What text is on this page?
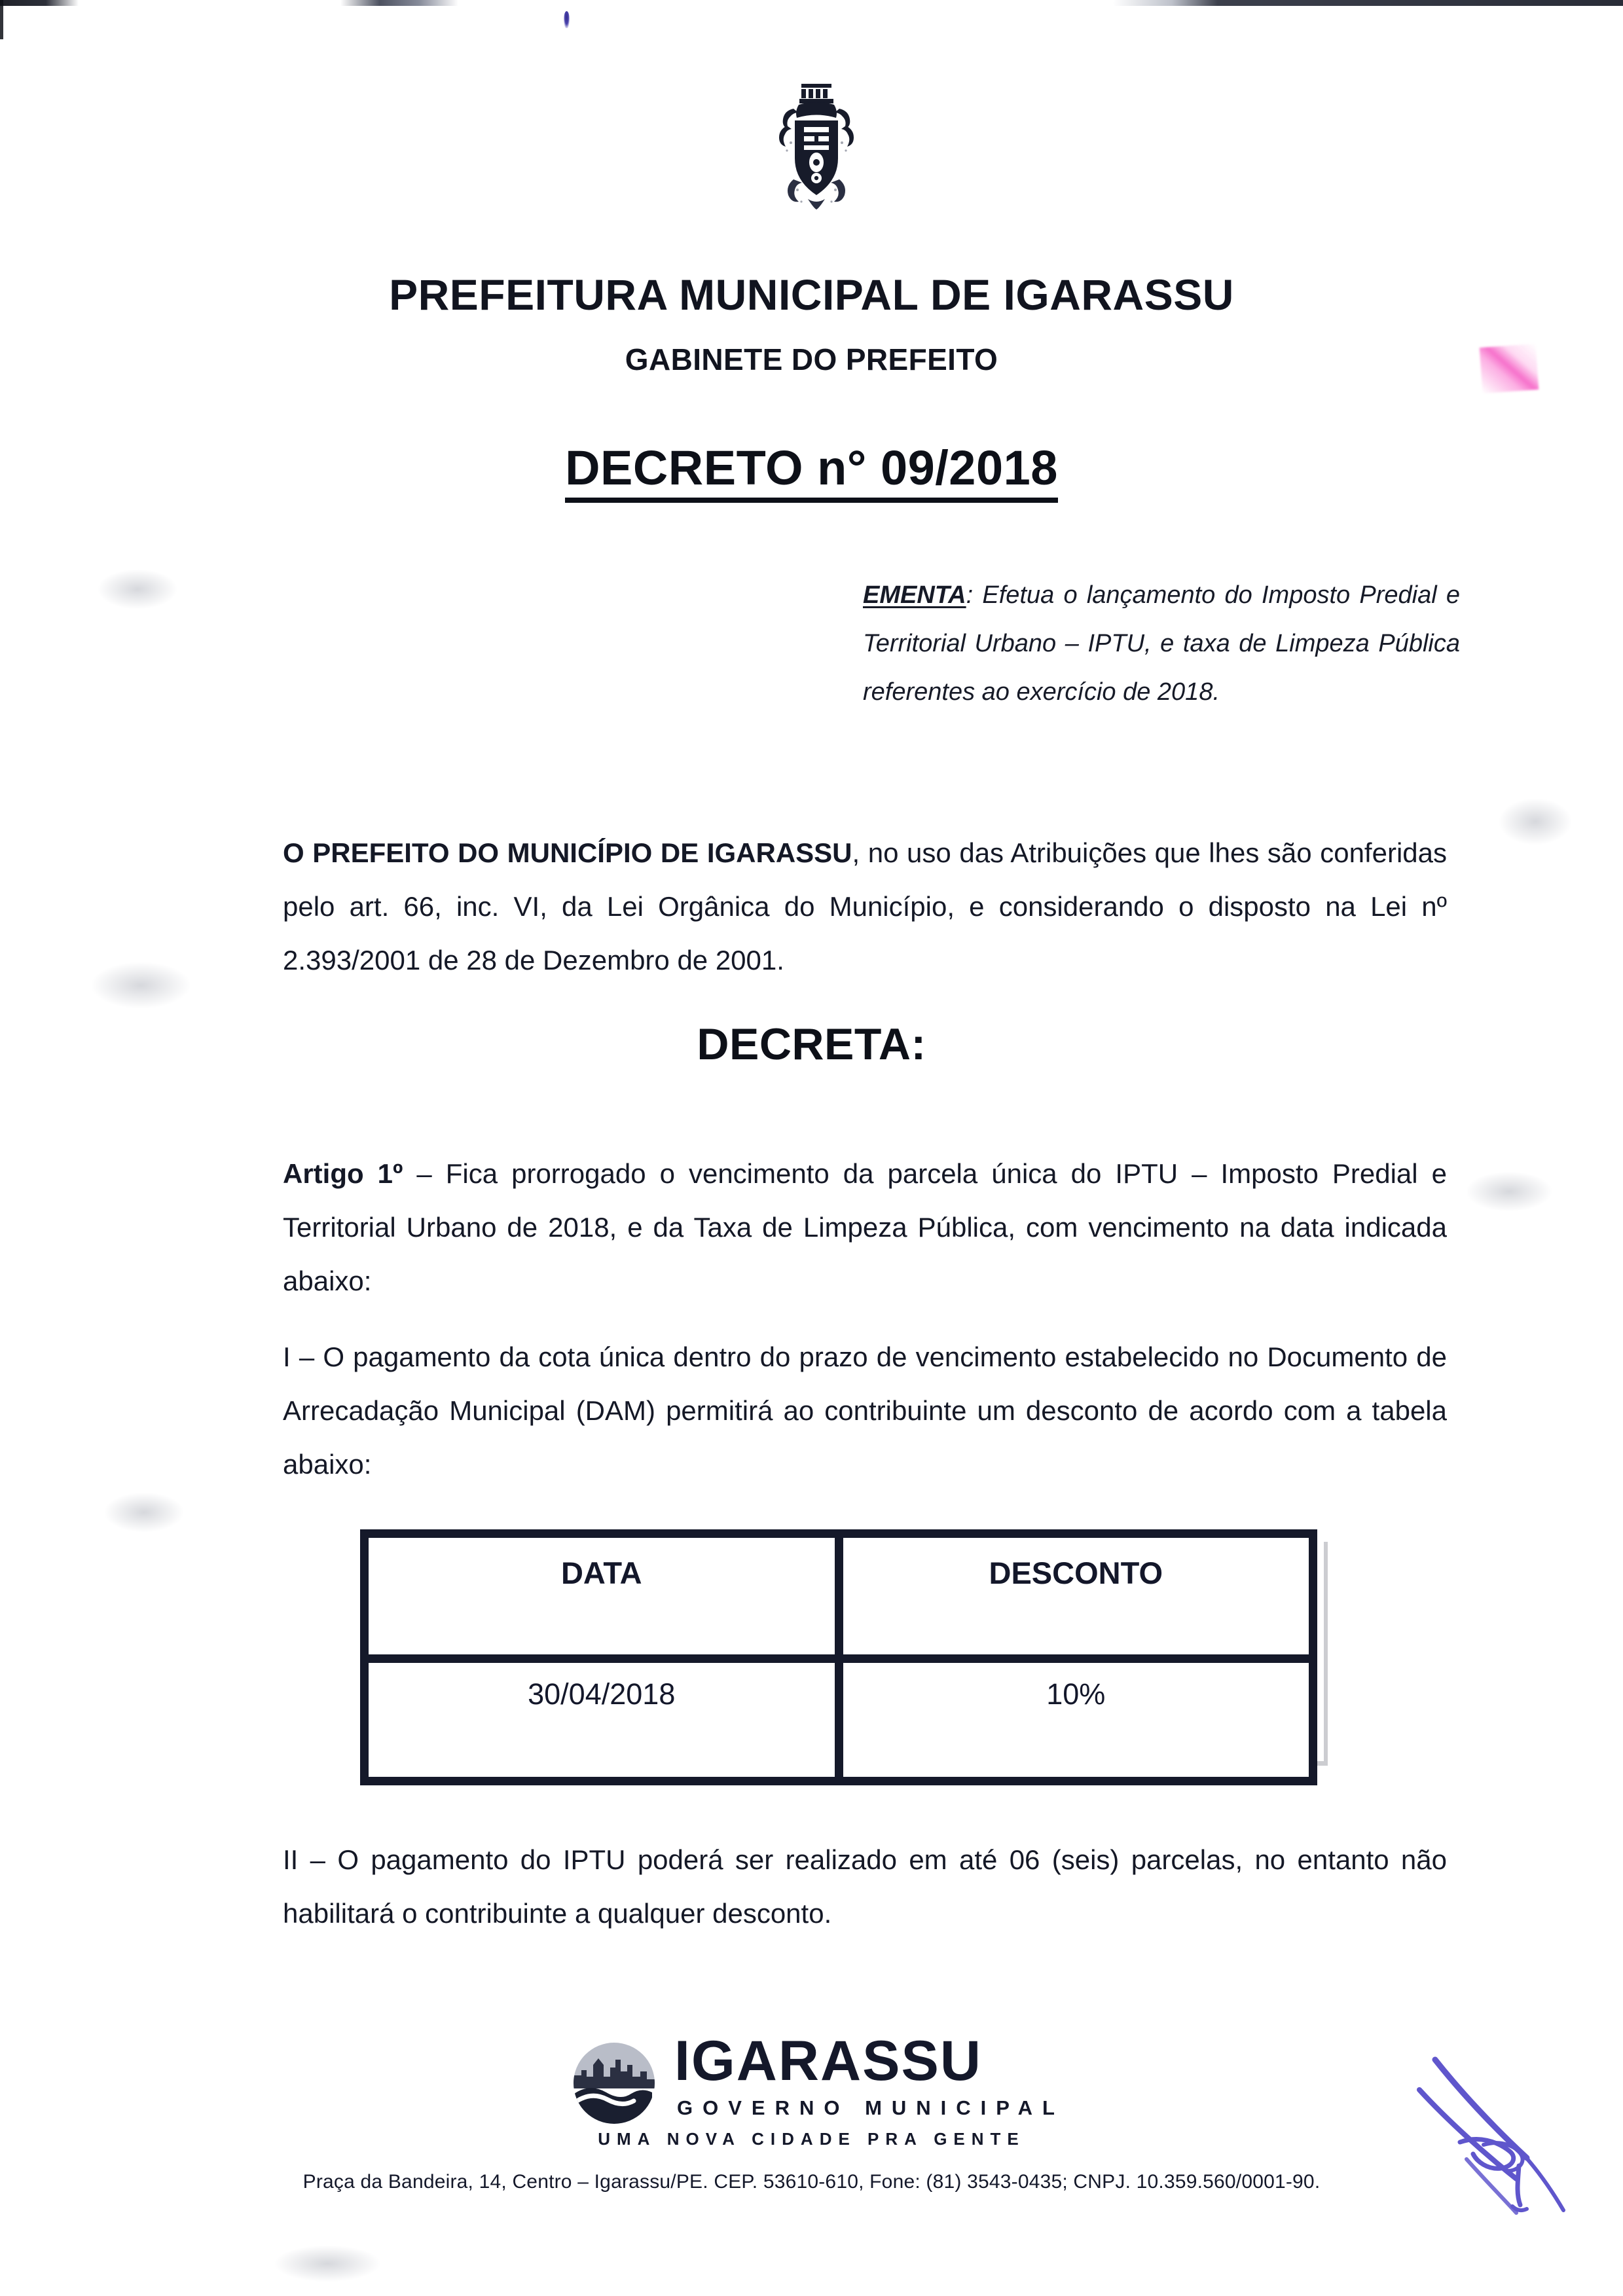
PREFEITURA MUNICIPAL DE IGARASSU
GABINETE DO PREFEITO
DECRETO n° 09/2018
EMENTA: Efetua o lançamento do Imposto Predial e Territorial Urbano – IPTU, e taxa de Limpeza Pública referentes ao exercício de 2018.
O PREFEITO DO MUNICÍPIO DE IGARASSU, no uso das Atribuições que lhes são conferidas pelo art. 66, inc. VI, da Lei Orgânica do Município, e considerando o disposto na Lei nº 2.393/2001 de 28 de Dezembro de 2001.
DECRETA:
Artigo 1º – Fica prorrogado o vencimento da parcela única do IPTU – Imposto Predial e Territorial Urbano de 2018, e da Taxa de Limpeza Pública, com vencimento na data indicada abaixo:
I – O pagamento da cota única dentro do prazo de vencimento estabelecido no Documento de Arrecadação Municipal (DAM) permitirá ao contribuinte um desconto de acordo com a tabela abaixo:
DATA	DESCONTO
30/04/2018	10%
II – O pagamento do IPTU poderá ser realizado em até 06 (seis) parcelas, no entanto não habilitará o contribuinte a qualquer desconto.
IGARASSU
GOVERNO MUNICIPAL
UMA NOVA CIDADE PRA GENTE
Praça da Bandeira, 14, Centro – Igarassu/PE. CEP. 53610-610, Fone: (81) 3543-0435; CNPJ. 10.359.560/0001-90.
